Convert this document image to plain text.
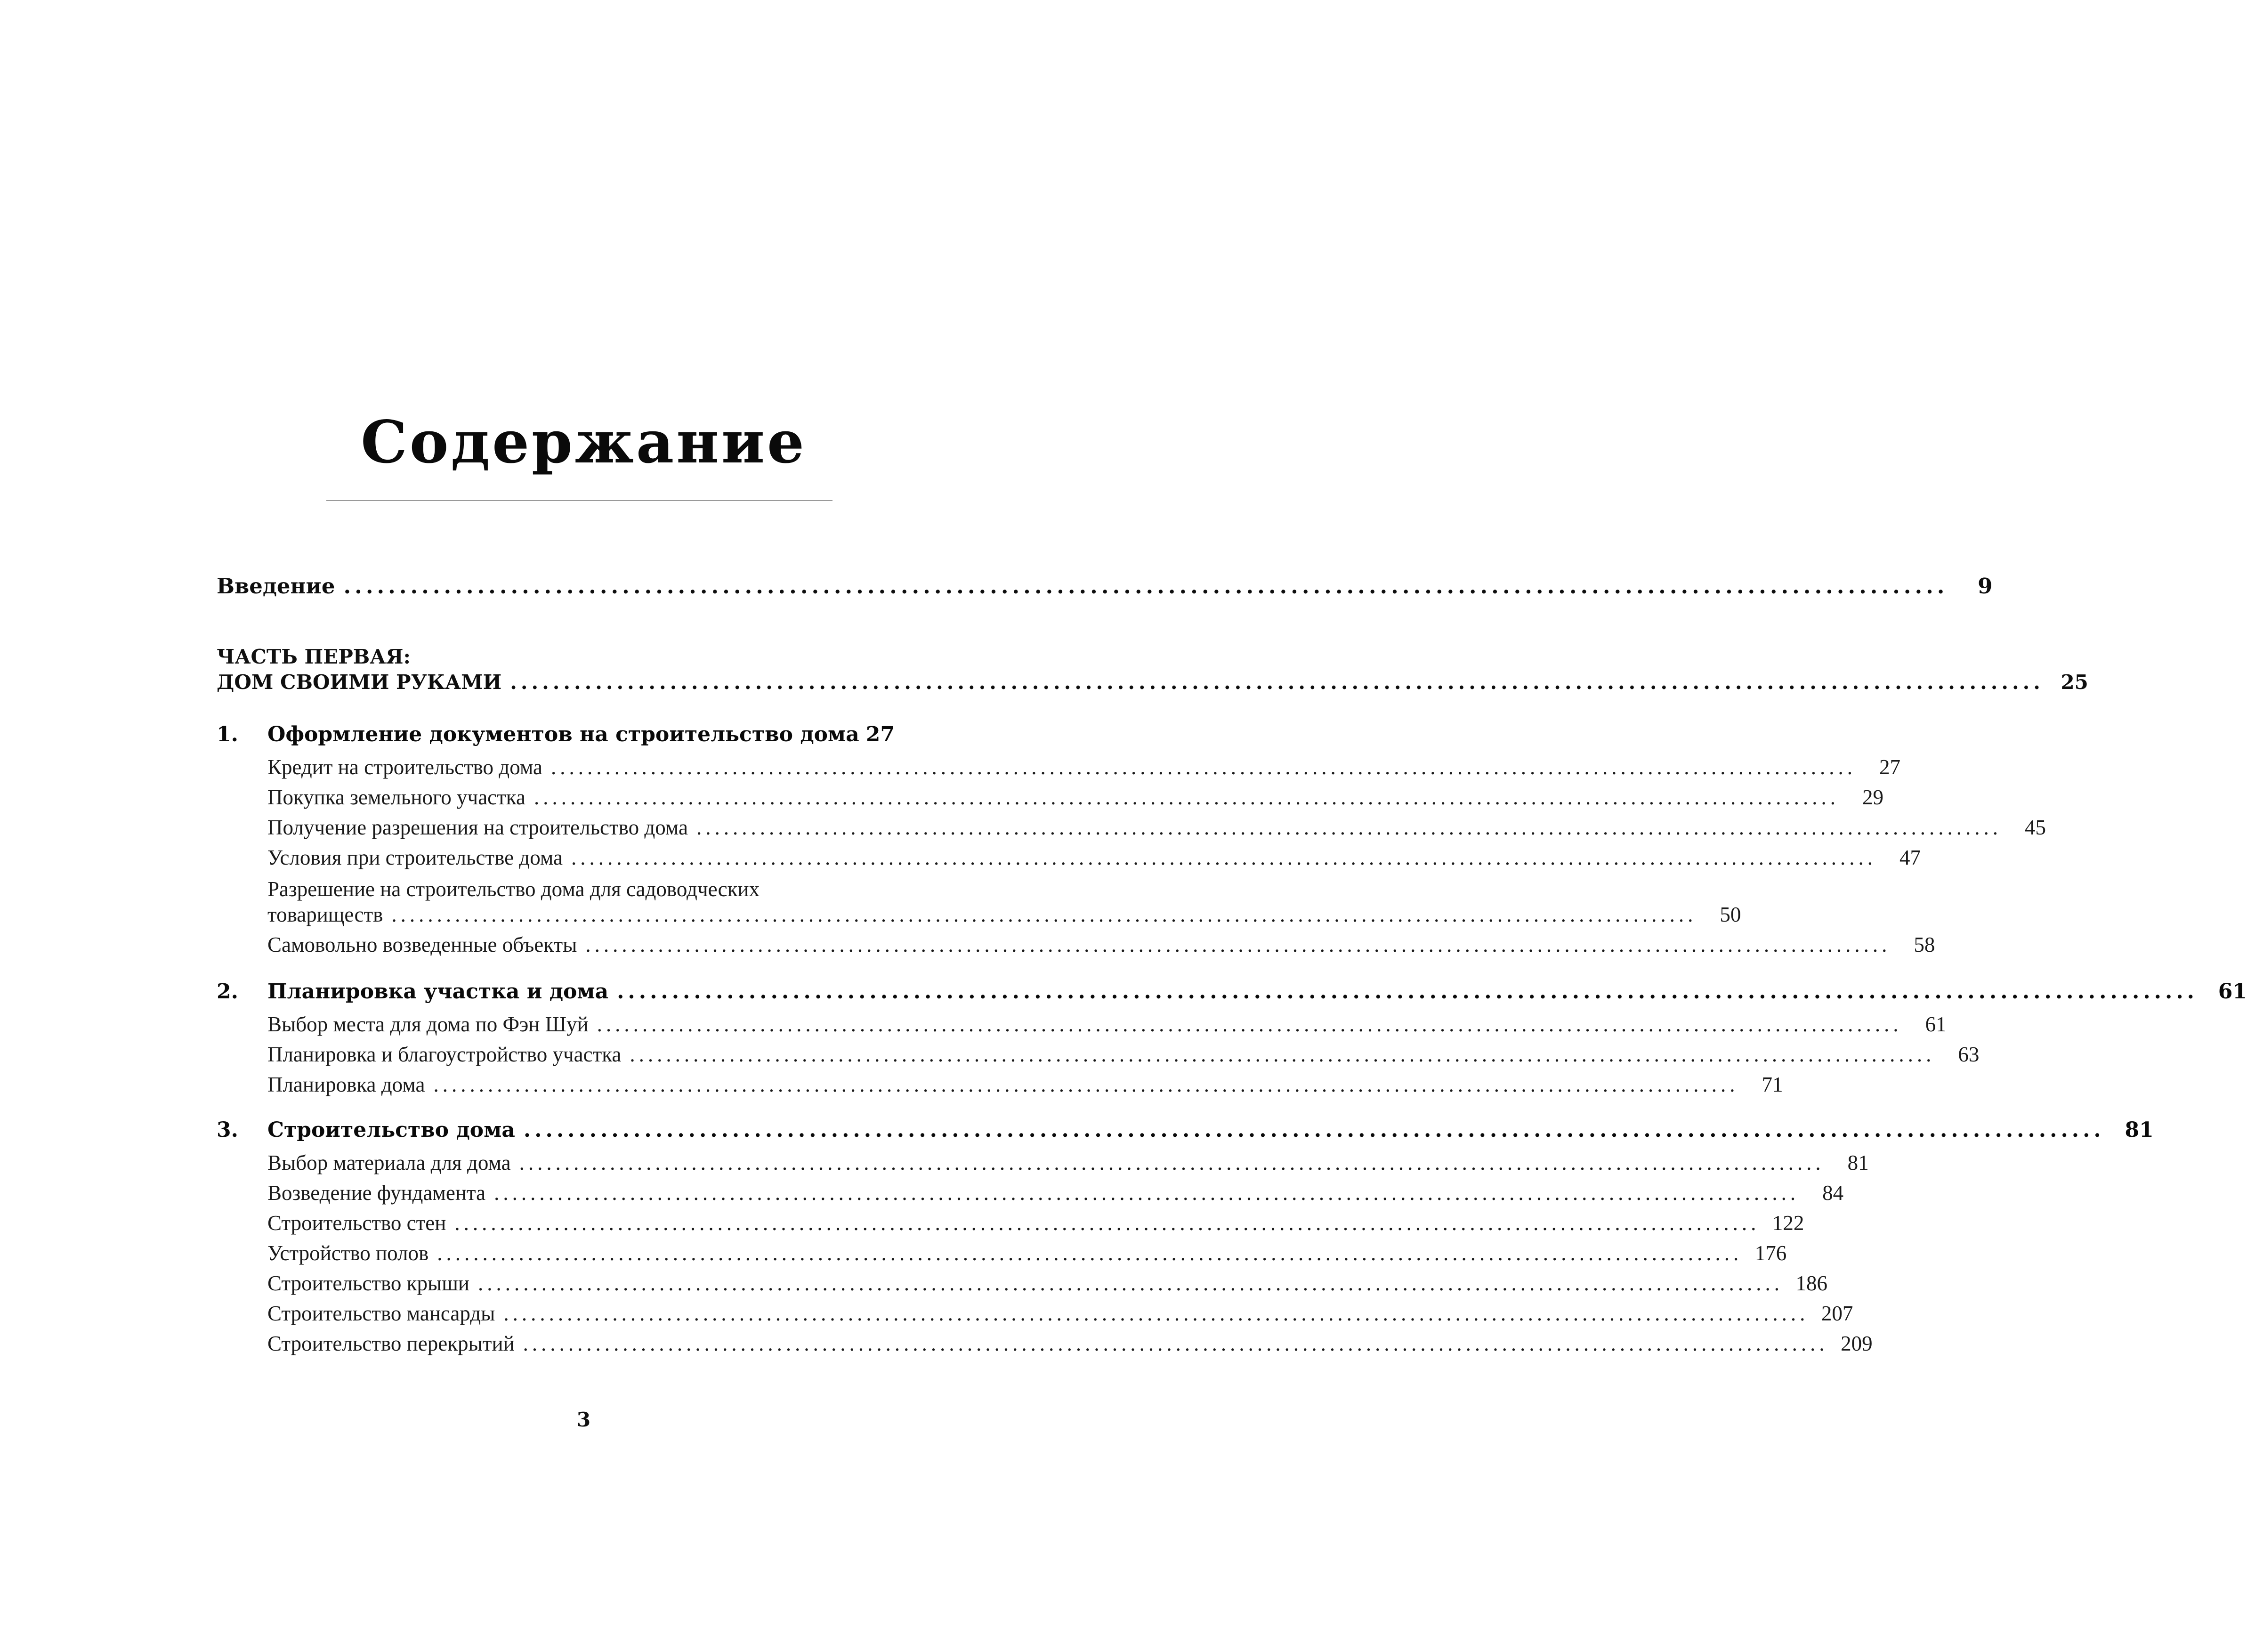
Содержание
Введение ................................................................................................................................................	9
ЧАСТЬ ПЕРВАЯ:
ДОМ СВОИМИ РУКАМИ ................................................................................................................................................ 25
1. Оформление документов на строительство дома 27
Кредит на строительство дома ................................................................................................................................................	27
Покупка земельного участка ................................................................................................................................................	29
Получение разрешения на строительство дома ................................................................................................................................................	45
Условия при строительстве дома ................................................................................................................................................	47
Разрешение на строительство дома для садоводческих
товариществ ................................................................................................................................................	50
Самовольно возведенные объекты ................................................................................................................................................	58
2. Планировка участка и дома ................................................................................................................................................ 61
Выбор места для дома по Фэн Шуй ................................................................................................................................................	61
Планировка и благоустройство участка ................................................................................................................................................	63
Планировка дома ................................................................................................................................................	71
3. Строительство дома ................................................................................................................................................ 81
Выбор материала для дома ................................................................................................................................................	81
Возведение фундамента ................................................................................................................................................	84
Строительство стен ................................................................................................................................................ 122
Устройство полов ................................................................................................................................................ 176
Строительство крыши ................................................................................................................................................ 186
Строительство мансарды ................................................................................................................................................ 207
Строительство перекрытий ................................................................................................................................................ 209
3
